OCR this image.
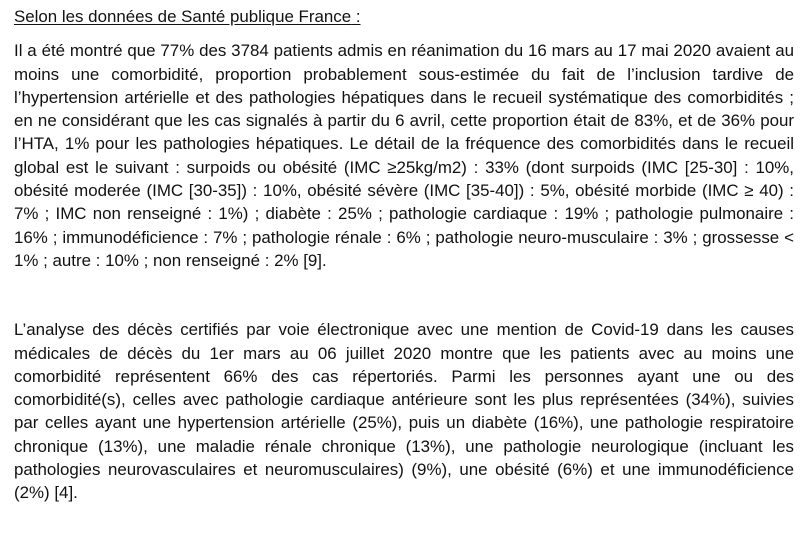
Selon les données de Santé publique France :

Il a été montré que 77% des 3784 patients admis en réanimation du 16 mars au 17 mai 2020 avaient au moins une comorbidité, proportion probablement sous-estimée du fait de l’inclusion tardive de l’hypertension artérielle et des pathologies hépatiques dans le recueil systématique des comorbidités ; en ne considérant que les cas signalés à partir du 6 avril, cette proportion était de 83%, et de 36% pour l’HTA, 1% pour les pathologies hépatiques. Le détail de la fréquence des comorbidités dans le recueil global est le suivant : surpoids ou obésité (IMC ≥25kg/m2) : 33% (dont surpoids (IMC [25-30] : 10%, obésité moderée (IMC [30-35]) : 10%, obésité sévère (IMC [35-40]) : 5%, obésité morbide (IMC ≥ 40) : 7% ; IMC non renseigné : 1%) ; diabète : 25% ; pathologie cardiaque : 19% ; pathologie pulmonaire : 16% ; immunodéficience : 7% ; pathologie rénale : 6% ; pathologie neuro-musculaire : 3% ; grossesse < 1% ; autre : 10% ; non renseigné : 2% [9].

L’analyse des décès certifiés par voie électronique avec une mention de Covid-19 dans les causes médicales de décès du 1er mars au 06 juillet 2020 montre que les patients avec au moins une comorbidité représentent 66% des cas répertoriés. Parmi les personnes ayant une ou des comorbidité(s), celles avec pathologie cardiaque antérieure sont les plus représentées (34%), suivies par celles ayant une hypertension artérielle (25%), puis un diabète (16%), une pathologie respiratoire chronique (13%), une maladie rénale chronique (13%), une pathologie neurologique (incluant les pathologies neurovasculaires et neuromusculaires) (9%), une obésité (6%) et une immunodéficience (2%) [4].
